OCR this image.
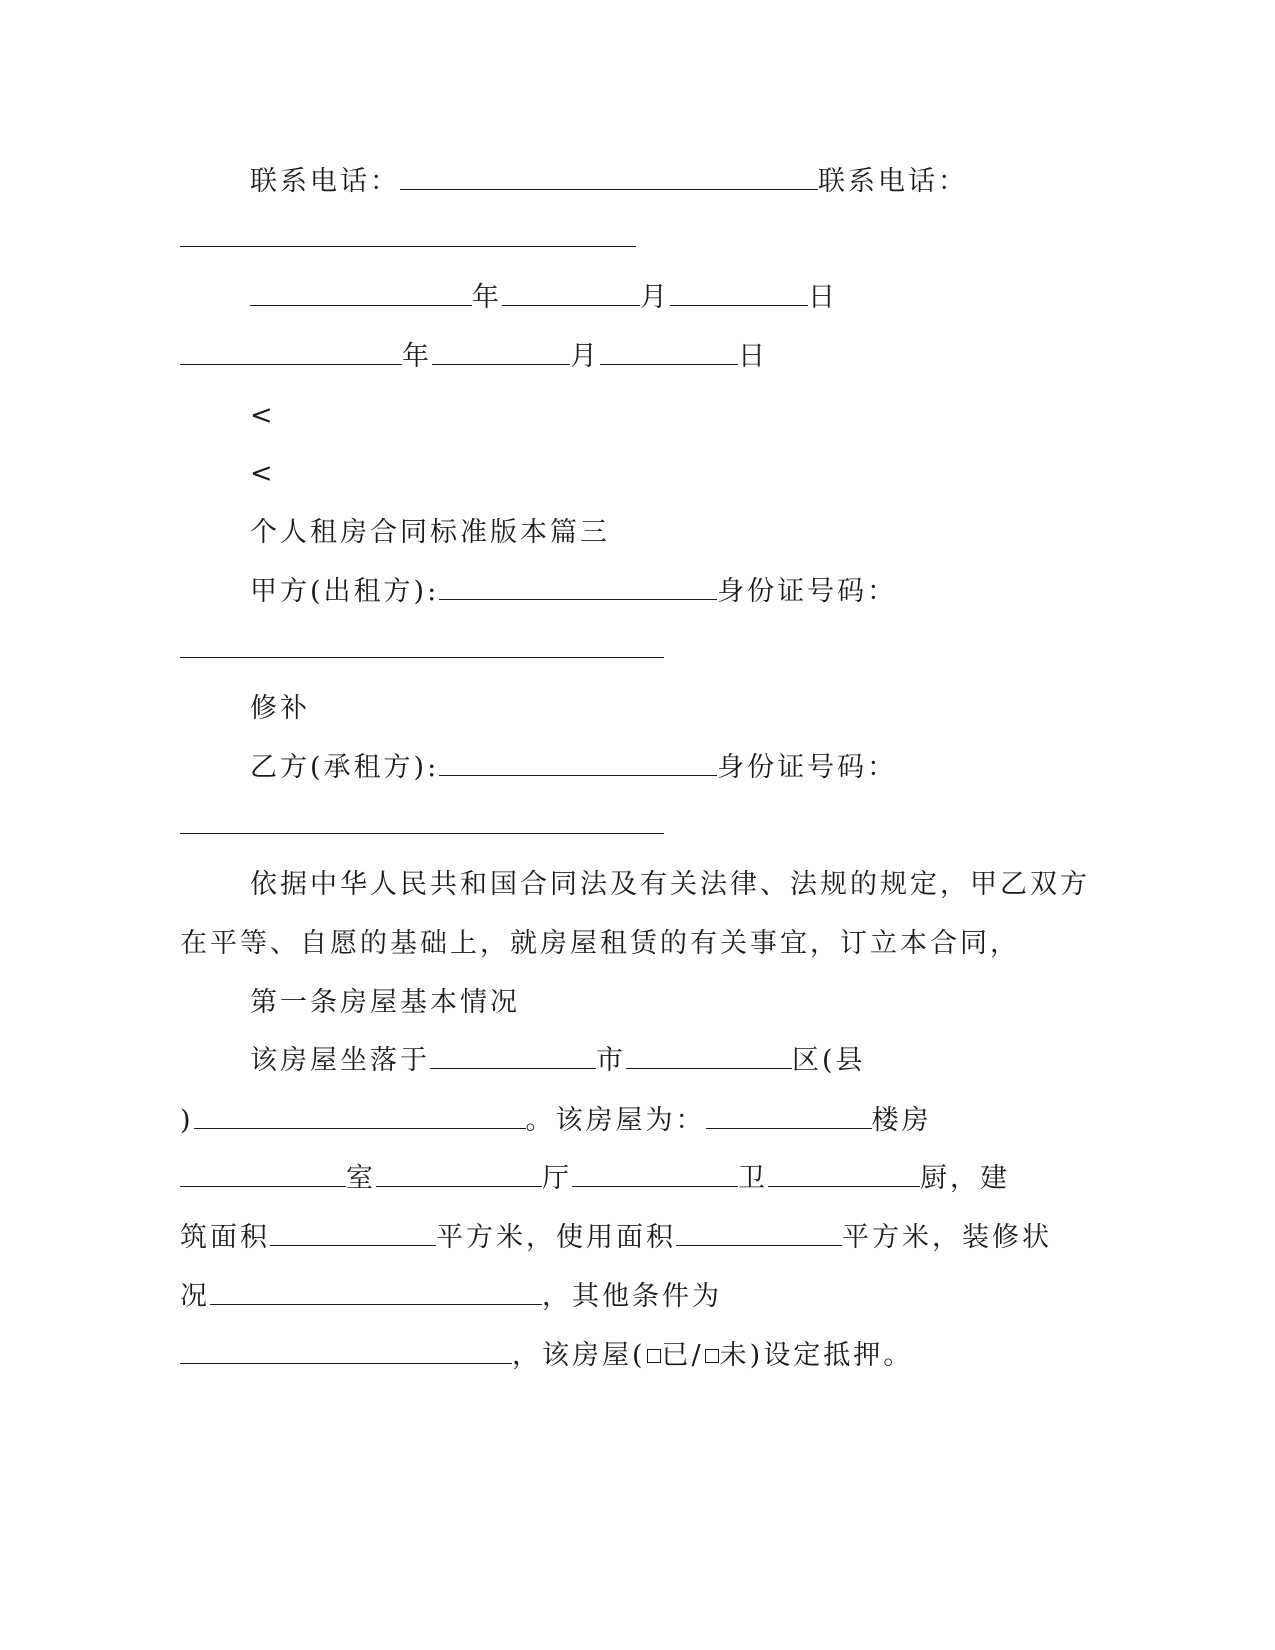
联系电话：	联系电话：
年	月	日
年	月	日
<
<
个人租房合同标准版本篇三
甲方(出租方):	身份证号码：
修补
乙方(承租方):	身份证号码：
依据中华人民共和国合同法及有关法律、法规的规定，甲乙双方
在平等、自愿的基础上，就房屋租赁的有关事宜，订立本合同，
第一条房屋基本情况
该房屋坐落于	市	区(县
)	。该房屋为：	楼房
室	厅	卫	厨，建
筑面积	平方米，使用面积	平方米，装修状
况	，其他条件为
，该房屋( 已/ 未)设定抵押。
